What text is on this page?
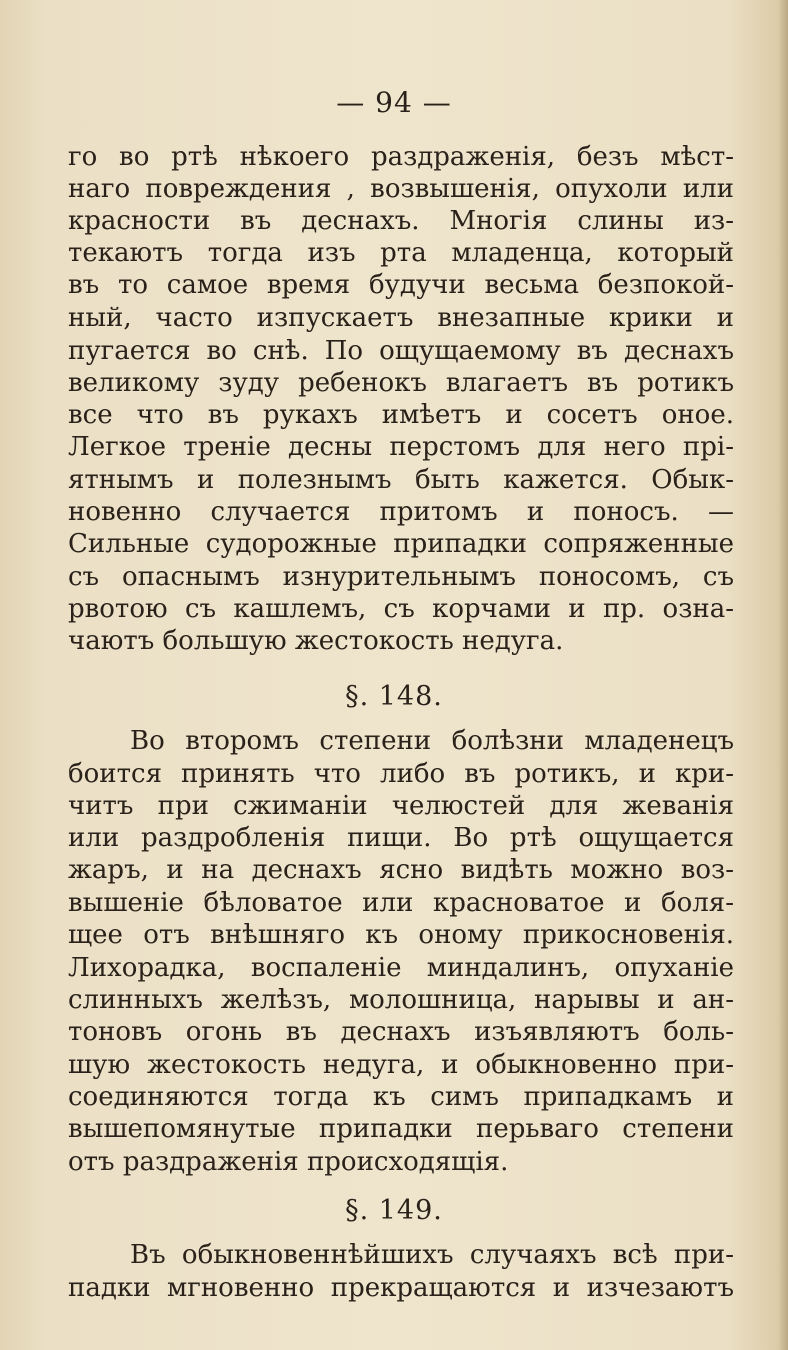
— 94 —
го во ртѣ нѣкоего раздраженія, безъ мѣст-
наго повреждения , возвышенія, опухоли или
красности въ деснахъ. Многія слины из-
текаютъ тогда изъ рта младенца, который
въ то самое время будучи весьма безпокой-
ный, часто изпускаетъ внезапные крики и
пугается во снѣ. По ощущаемому въ деснахъ
великому зуду ребенокъ влагаетъ въ ротикъ
все что въ рукахъ имѣетъ и сосетъ оное.
Легкое треніе десны перстомъ для него прі-
ятнымъ и полезнымъ быть кажется. Обык-
новенно случается притомъ и поносъ. —
Сильные судорожные припадки сопряженные
съ опаснымъ изнурительнымъ поносомъ, съ
рвотою съ кашлемъ, съ корчами и пр. озна-
чаютъ большую жестокость недуга.
§. 148.
Во второмъ степени болѣзни младенецъ
боится принять что либо въ ротикъ, и кри-
читъ при сжиманіи челюстей для жеванія
или раздробленія пищи. Во ртѣ ощущается
жаръ, и на деснахъ ясно видѣть можно воз-
вышеніе бѣловатое или красноватое и боля-
щее отъ внѣшняго къ оному прикосновенія.
Лихорадка, воспаленіе миндалинъ, опуханіе
слинныхъ желѣзъ, молошница, нарывы и ан-
тоновъ огонь въ деснахъ изъявляютъ боль-
шую жестокость недуга, и обыкновенно при-
соединяются тогда къ симъ припадкамъ и
вышепомянутые припадки перьваго степени
отъ раздраженія происходящія.
§. 149.
Въ обыкновеннѣйшихъ случаяхъ всѣ при-
падки мгновенно прекращаются и изчезаютъ
